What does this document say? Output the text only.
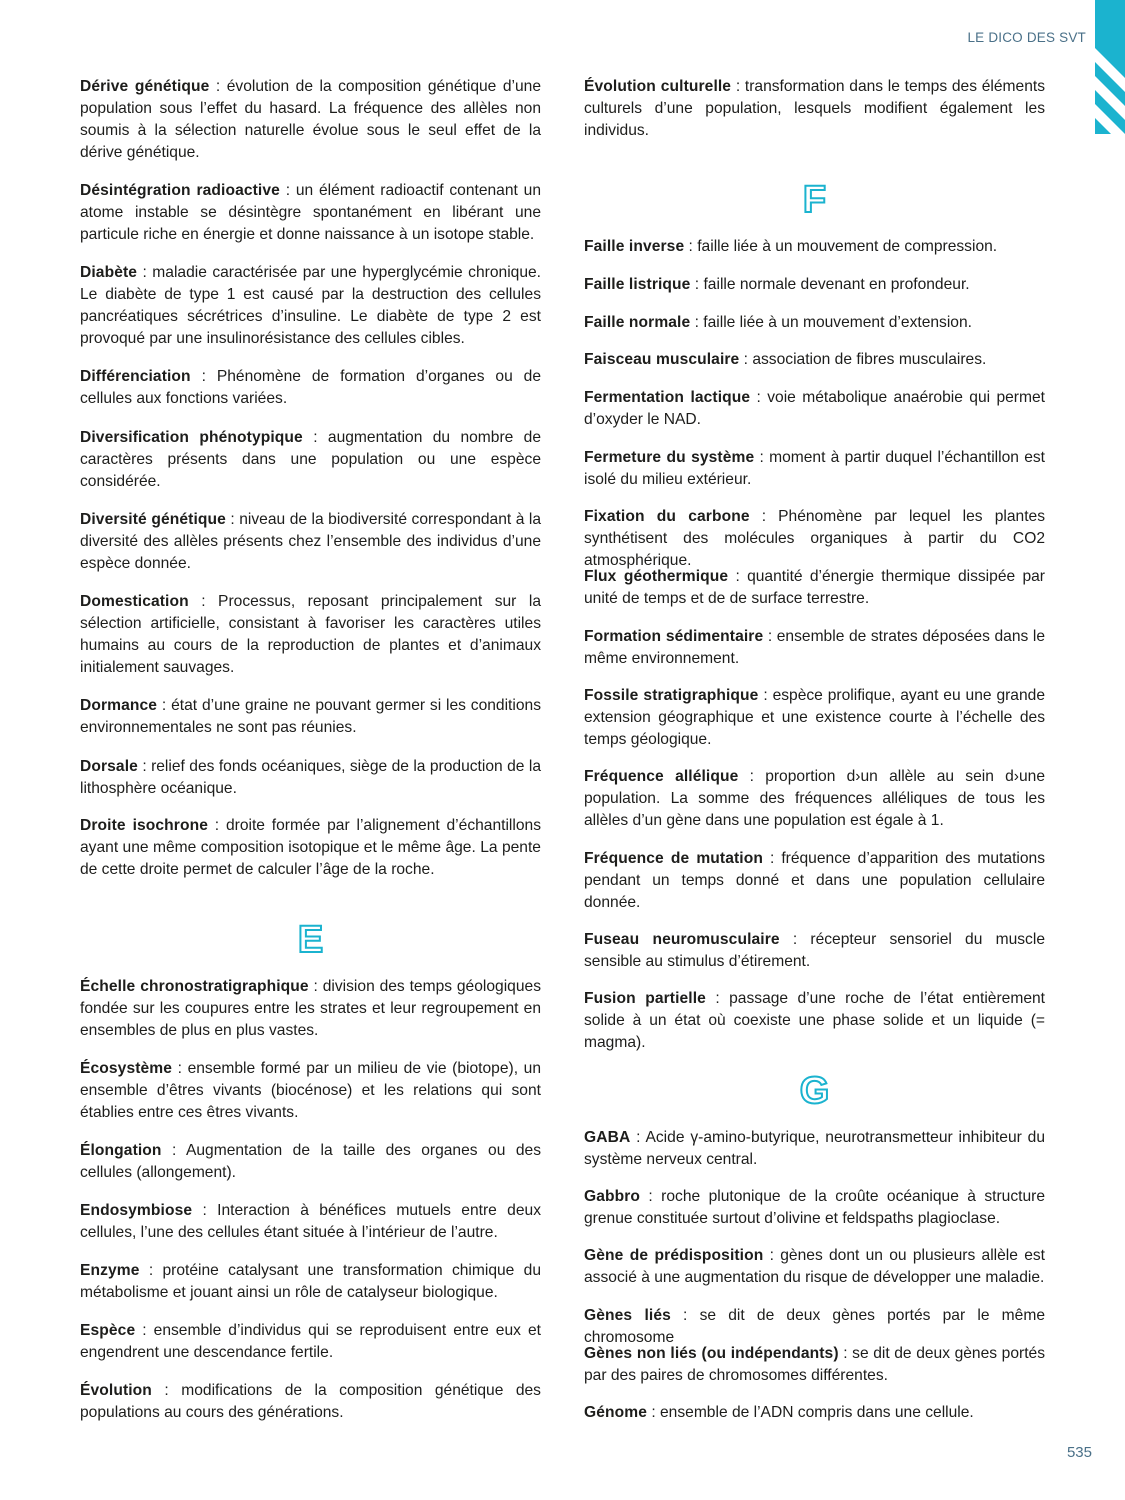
LE DICO DES SVT
535
Dérive génétique : évolution de la composition génétique d’une population sous l’effet du hasard. La fréquence des allèles non soumis à la sélection naturelle évolue sous le seul effet de la dérive génétique.
Désintégration radioactive : un élément radioactif contenant un atome instable se désintègre spontanément en libérant une particule riche en énergie et donne naissance à un isotope stable.
Diabète : maladie caractérisée par une hyperglycémie chronique. Le diabète de type 1 est causé par la destruction des cellules pancréatiques sécrétrices d’insuline. Le diabète de type 2 est provoqué par une insulinorésistance des cellules cibles.
Différenciation : Phénomène de formation d’organes ou de cellules aux fonctions variées.
Diversification phénotypique : augmentation du nombre de caractères présents dans une population ou une espèce considérée.
Diversité génétique : niveau de la biodiversité correspondant à la diversité des allèles présents chez l’ensemble des individus d’une espèce donnée.
Domestication : Processus, reposant principalement sur la sélection artificielle, consistant à favoriser les caractères utiles humains au cours de la reproduction de plantes et d’animaux initialement sauvages.
Dormance : état d’une graine ne pouvant germer si les conditions environnementales ne sont pas réunies.
Dorsale : relief des fonds océaniques, siège de la production de la lithosphère océanique.
Droite isochrone : droite formée par l’alignement d’échantillons ayant une même composition isotopique et le même âge. La pente de cette droite permet de calculer l’âge de la roche.
E
Échelle chronostratigraphique : division des temps géologiques fondée sur les coupures entre les strates et leur regroupement en ensembles de plus en plus vastes.
Écosystème : ensemble formé par un milieu de vie (biotope), un ensemble d’êtres vivants (biocénose) et les relations qui sont établies entre ces êtres vivants.
Élongation : Augmentation de la taille des organes ou des cellules (allongement).
Endosymbiose : Interaction à bénéfices mutuels entre deux cellules, l’une des cellules étant située à l’intérieur de l’autre.
Enzyme : protéine catalysant une transformation chimique du métabolisme et jouant ainsi un rôle de catalyseur biologique.
Espèce : ensemble d’individus qui se reproduisent entre eux et engendrent une descendance fertile.
Évolution : modifications de la composition génétique des populations au cours des générations.
Évolution culturelle : transformation dans le temps des éléments culturels d’une population, lesquels modifient également les individus.
F
Faille inverse : faille liée à un mouvement de compression.
Faille listrique : faille normale devenant en profondeur.
Faille normale : faille liée à un mouvement d’extension.
Faisceau musculaire : association de fibres musculaires.
Fermentation lactique : voie métabolique anaérobie qui permet d’oxyder le NAD.
Fermeture du système : moment à partir duquel l’échantillon est isolé du milieu extérieur.
Fixation du carbone : Phénomène par lequel les plantes synthétisent des molécules organiques à partir du CO2 atmosphérique.
Flux géothermique : quantité d’énergie thermique dissipée par unité de temps et de de surface terrestre.
Formation sédimentaire : ensemble de strates déposées dans le même environnement.
Fossile stratigraphique : espèce prolifique, ayant eu une grande extension géographique et une existence courte à l’échelle des temps géologique.
Fréquence allélique : proportion d›un allèle au sein d›une population. La somme des fréquences alléliques de tous les allèles d’un gène dans une population est égale à 1.
Fréquence de mutation : fréquence d’apparition des mutations pendant un temps donné et dans une population cellulaire donnée.
Fuseau neuromusculaire : récepteur sensoriel du muscle sensible au stimulus d’étirement.
Fusion partielle : passage d’une roche de l’état entièrement solide à un état où coexiste une phase solide et un liquide (= magma).
G
GABA : Acide γ-amino-butyrique, neurotransmetteur inhibiteur du système nerveux central.
Gabbro : roche plutonique de la croûte océanique à structure grenue constituée surtout d’olivine et feldspaths plagioclase.
Gène de prédisposition : gènes dont un ou plusieurs allèle est associé à une augmentation du risque de développer une maladie.
Gènes liés : se dit de deux gènes portés par le même chromosome
Gènes non liés (ou indépendants) : se dit de deux gènes portés par des paires de chromosomes différentes.
Génome : ensemble de l’ADN compris dans une cellule.
